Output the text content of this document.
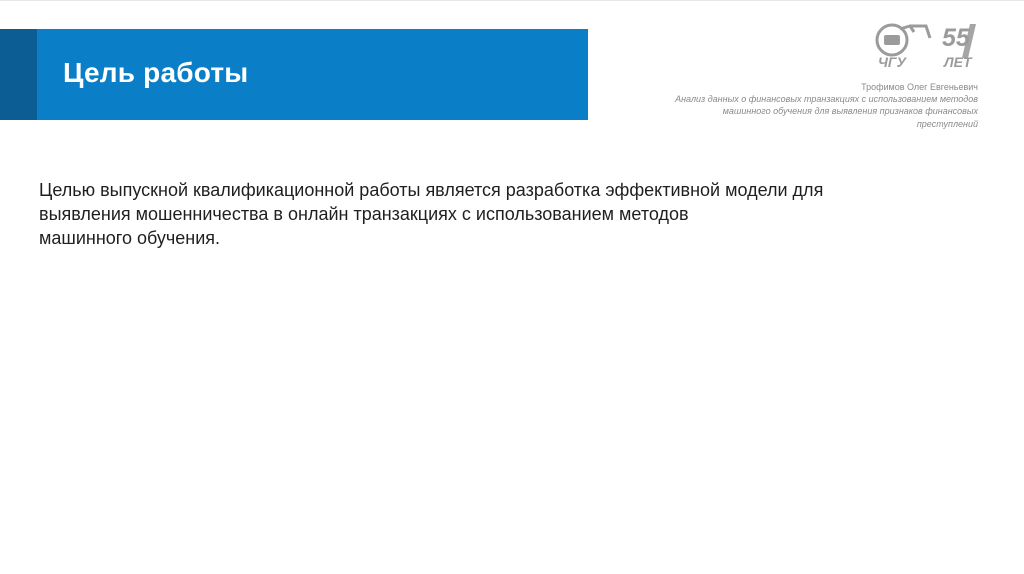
Цель работы
55
ЧГУ	ЛЕТ
Трофимов Олег Евгеньевич
Анализ данных о финансовых транзакциях с использованием методов
машинного обучения для выявления признаков финансовых
преступлений
Целью выпускной квалификационной работы является разработка эффективной модели для
выявления мошенничества в онлайн транзакциях с использованием методов
машинного обучения.
